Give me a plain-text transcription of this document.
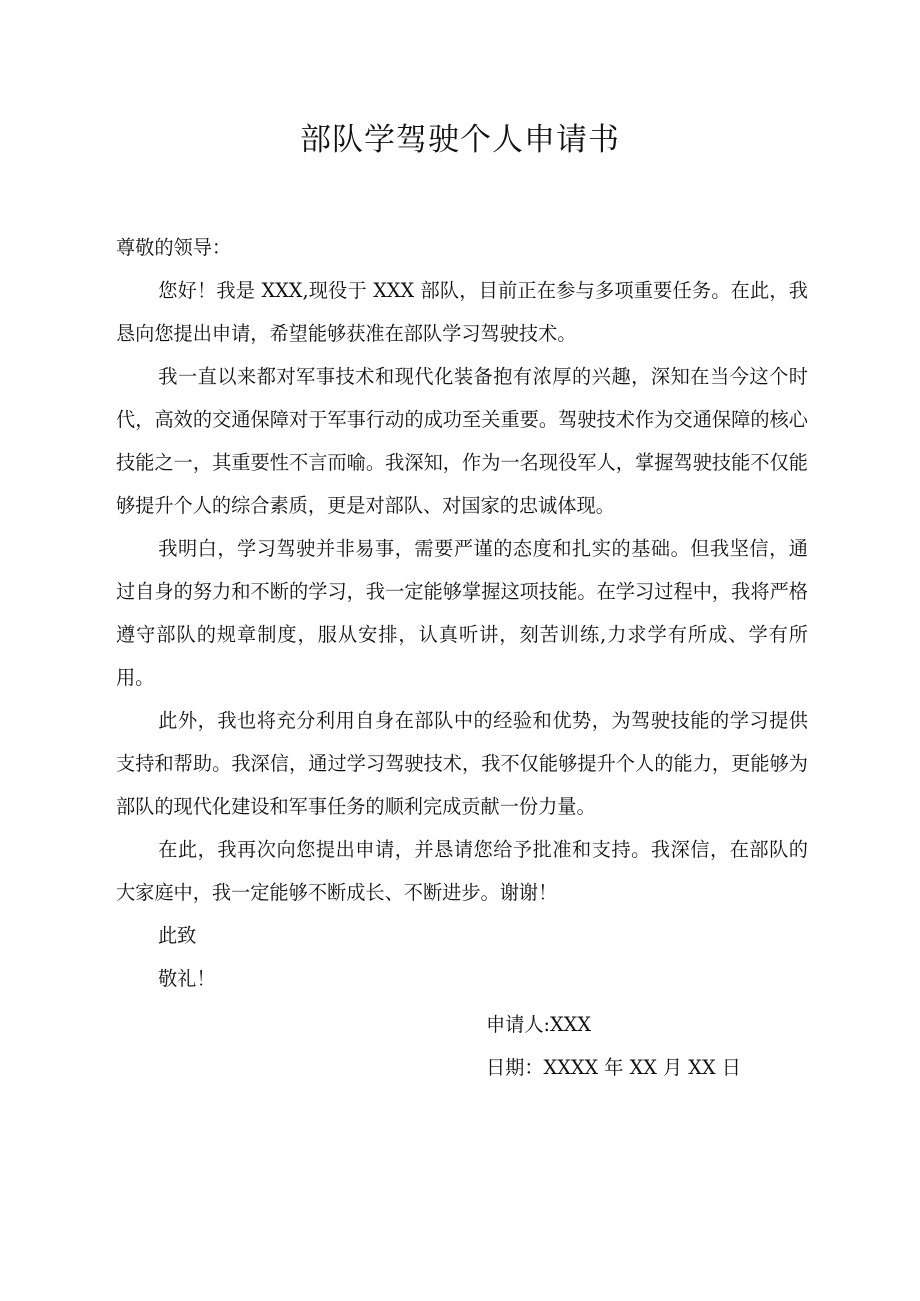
部队学驾驶个人申请书

尊敬的领导：

您好！我是 XXX,现役于 XXX 部队，目前正在参与多项重要任务。在此，我恳向您提出申请，希望能够获准在部队学习驾驶技术。

我一直以来都对军事技术和现代化装备抱有浓厚的兴趣，深知在当今这个时代，高效的交通保障对于军事行动的成功至关重要。驾驶技术作为交通保障的核心技能之一，其重要性不言而喻。我深知，作为一名现役军人，掌握驾驶技能不仅能够提升个人的综合素质，更是对部队、对国家的忠诚体现。

我明白，学习驾驶并非易事，需要严谨的态度和扎实的基础。但我坚信，通过自身的努力和不断的学习，我一定能够掌握这项技能。在学习过程中，我将严格遵守部队的规章制度，服从安排，认真听讲，刻苦训练,力求学有所成、学有所用。

此外，我也将充分利用自身在部队中的经验和优势，为驾驶技能的学习提供支持和帮助。我深信，通过学习驾驶技术，我不仅能够提升个人的能力，更能够为部队的现代化建设和军事任务的顺利完成贡献一份力量。

在此，我再次向您提出申请，并恳请您给予批准和支持。我深信，在部队的大家庭中，我一定能够不断成长、不断进步。谢谢！

此致

敬礼！

申请人:XXX
日期：XXXX 年 XX 月 XX 日
